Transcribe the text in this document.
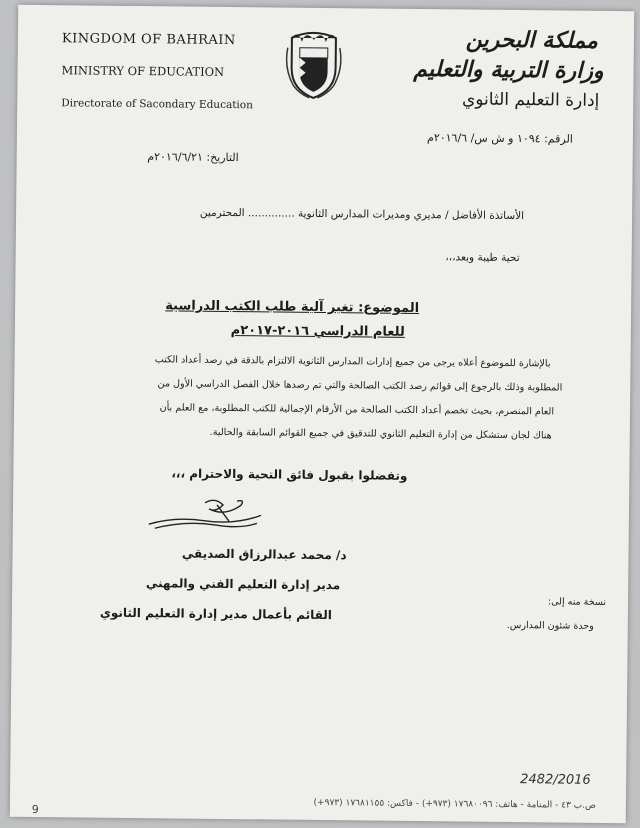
KINGDOM OF BAHRAIN
MINISTRY OF EDUCATION
Directorate of Sacondary Education
مملكة البحرين
وزارة التربية والتعليم
إدارة التعليم الثانوي
الرقم: ١٠٩٤ و ش س/ ٢٠١٦/٦م
التاريخ: ٢٠١٦/٦/٢١م
الأساتذة الأفاضل / مديري ومديرات المدارس الثانوية .............. المحترمين
تحية طيبة وبعد،،،
الموضوع: تغير آلية طلب الكتب الدراسية
للعام الدراسي ٢٠١٦-٢٠١٧م
بالإشارة للموضوع أعلاه يرجى من جميع إدارات المدارس الثانوية الالتزام بالدقة في رصد أعداد الكتب
المطلوبة وذلك بالرجوع إلى قوائم رصد الكتب الصالحة والتي تم رصدها خلال الفصل الدراسي الأول من
العام المنصرم، بحيث تخصم أعداد الكتب الصالحة من الأرقام الإجمالية للكتب المطلوبة، مع العلم بأن
هناك لجان ستشكل من إدارة التعليم الثانوي للتدقيق في جميع القوائم السابقة والحالية.
وتفضلوا بقبول فائق التحية والاحترام ،،،
د/ محمد عبدالرزاق الصديقي
مدير إدارة التعليم الفني والمهني
القائم بأعمال مدير إدارة التعليم الثانوي
نسخة منه إلى:
وحدة شئون المدارس.
2482/2016
ص.ب ٤٣ - المنامة - هاتف: ١٧٦٨٠٠٩٦ (٩٧٣+) - فاكس: ١٧٦٨١١٥٥ (٩٧٣+)
9
